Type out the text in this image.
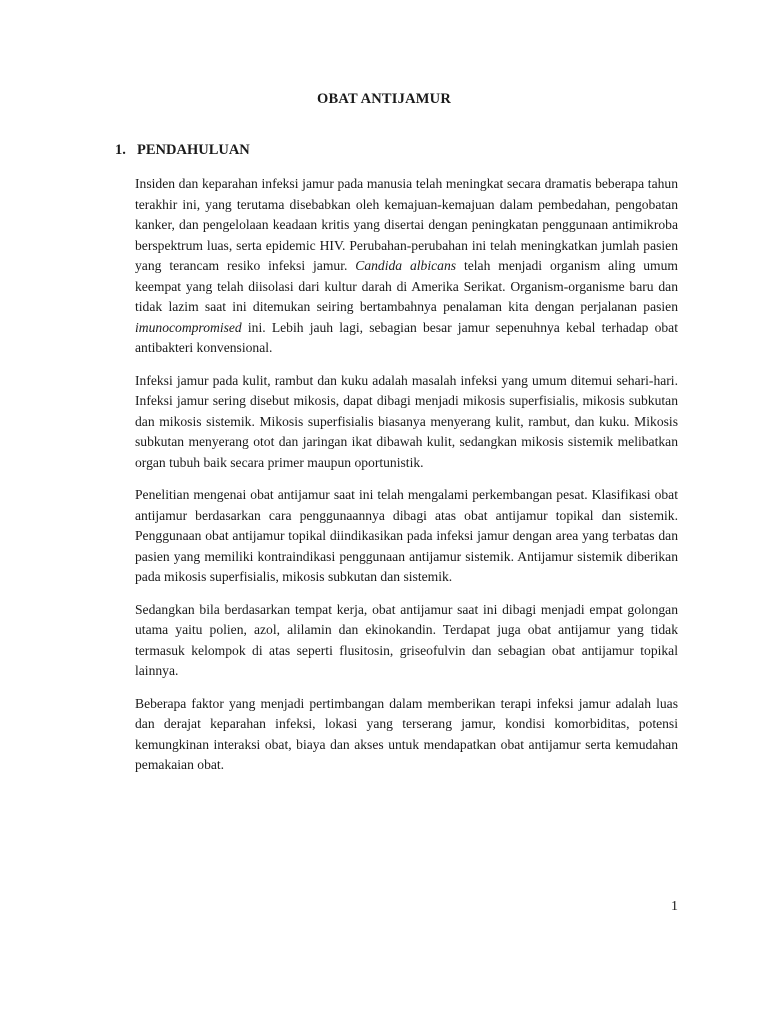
OBAT ANTIJAMUR
1. PENDAHULUAN

Insiden dan keparahan infeksi jamur pada manusia telah meningkat secara dramatis beberapa tahun terakhir ini, yang terutama disebabkan oleh kemajuan-kemajuan dalam pembedahan, pengobatan kanker, dan pengelolaan keadaan kritis yang disertai dengan peningkatan penggunaan antimikroba berspektrum luas, serta epidemic HIV. Perubahan-perubahan ini telah meningkatkan jumlah pasien yang terancam resiko infeksi jamur. Candida albicans telah menjadi organism aling umum keempat yang telah diisolasi dari kultur darah di Amerika Serikat. Organism-organisme baru dan tidak lazim saat ini ditemukan seiring bertambahnya penalaman kita dengan perjalanan pasien imunocompromised ini. Lebih jauh lagi, sebagian besar jamur sepenuhnya kebal terhadap obat antibakteri konvensional.

Infeksi jamur pada kulit, rambut dan kuku adalah masalah infeksi yang umum ditemui sehari-hari. Infeksi jamur sering disebut mikosis, dapat dibagi menjadi mikosis superfisialis, mikosis subkutan dan mikosis sistemik. Mikosis superfisialis biasanya menyerang kulit, rambut, dan kuku. Mikosis subkutan menyerang otot dan jaringan ikat dibawah kulit, sedangkan mikosis sistemik melibatkan organ tubuh baik secara primer maupun oportunistik.

Penelitian mengenai obat antijamur saat ini telah mengalami perkembangan pesat. Klasifikasi obat antijamur berdasarkan cara penggunaannya dibagi atas obat antijamur topikal dan sistemik. Penggunaan obat antijamur topikal diindikasikan pada infeksi jamur dengan area yang terbatas dan pasien yang memiliki kontraindikasi penggunaan antijamur sistemik. Antijamur sistemik diberikan pada mikosis superfisialis, mikosis subkutan dan sistemik.

Sedangkan bila berdasarkan tempat kerja, obat antijamur saat ini dibagi menjadi empat golongan utama yaitu polien, azol, alilamin dan ekinokandin. Terdapat juga obat antijamur yang tidak termasuk kelompok di atas seperti flusitosin, griseofulvin dan sebagian obat antijamur topikal lainnya.

Beberapa faktor yang menjadi pertimbangan dalam memberikan terapi infeksi jamur adalah luas dan derajat keparahan infeksi, lokasi yang terserang jamur, kondisi komorbiditas, potensi kemungkinan interaksi obat, biaya dan akses untuk mendapatkan obat antijamur serta kemudahan pemakaian obat.

1
